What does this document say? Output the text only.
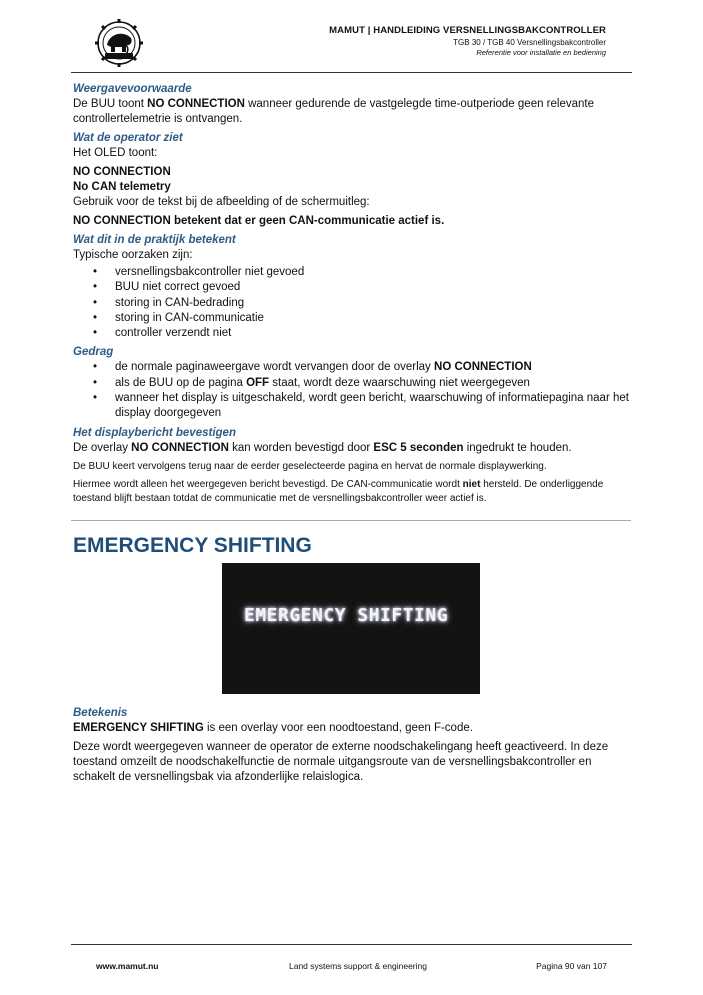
MAMUT | HANDLEIDING VERSNELLINGSBAKCONTROLLER
TGB 30 / TGB 40 Versnellingsbakcontroller
Referentie voor installatie en bediening
Weergavevoorwaarde

De BUU toont NO CONNECTION wanneer gedurende de vastgelegde time-outperiode geen relevante controllertelemetrie is ontvangen.

Wat de operator ziet

Het OLED toont:

NO CONNECTION

No CAN telemetry

Gebruik voor de tekst bij de afbeelding of de schermuitleg:

NO CONNECTION betekent dat er geen CAN-communicatie actief is.

Wat dit in de praktijk betekent

Typische oorzaken zijn:

• versnellingsbakcontroller niet gevoed
• BUU niet correct gevoed
• storing in CAN-bedrading
• storing in CAN-communicatie
• controller verzendt niet
Gedrag
• de normale paginaweergave wordt vervangen door de overlay NO CONNECTION
• als de BUU op de pagina OFF staat, wordt deze waarschuwing niet weergegeven
• wanneer het display is uitgeschakeld, wordt geen bericht, waarschuwing of informatiepagina naar het display doorgegeven
Het displaybericht bevestigen

De overlay NO CONNECTION kan worden bevestigd door ESC 5 seconden ingedrukt te houden.

De BUU keert vervolgens terug naar de eerder geselecteerde pagina en hervat de normale displaywerking.

Hiermee wordt alleen het weergegeven bericht bevestigd. De CAN-communicatie wordt niet hersteld. De onderliggende toestand blijft bestaan totdat de communicatie met de versnellingsbakcontroller weer actief is.

EMERGENCY SHIFTING
EMERGENCY SHIFTING
Betekenis

EMERGENCY SHIFTING is een overlay voor een noodtoestand, geen F-code.

Deze wordt weergegeven wanneer de operator de externe noodschakelingang heeft geactiveerd. In deze toestand omzeilt de noodschakelfunctie de normale uitgangsroute van de versnellingsbakcontroller en schakelt de versnellingsbak via afzonderlijke relaislogica.

www.mamut.nu	Land systems support & engineering	Pagina 90 van 107
